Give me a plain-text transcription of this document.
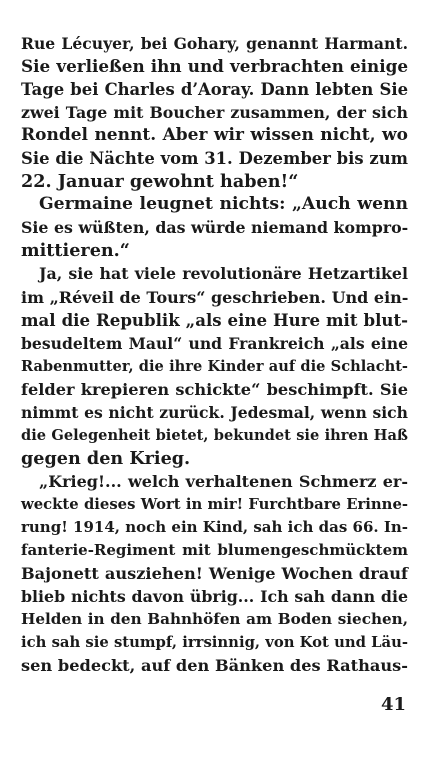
Rue Lécuyer, bei Gohary, genannt Harmant.
Sie verließen ihn und verbrachten einige
Tage bei Charles d’Aoray. Dann lebten Sie
zwei Tage mit Boucher zusammen, der sich
Rondel nennt. Aber wir wissen nicht, wo
Sie die Nächte vom 31. Dezember bis zum
22. Januar gewohnt haben!“
Germaine leugnet nichts: „Auch wenn
Sie es wüßten, das würde niemand kompro-
mittieren.“
Ja, sie hat viele revolutionäre Hetzartikel
im „Réveil de Tours“ geschrieben. Und ein-
mal die Republik „als eine Hure mit blut-
besudeltem Maul“ und Frankreich „als eine
Rabenmutter, die ihre Kinder auf die Schlacht-
felder krepieren schickte“ beschimpft. Sie
nimmt es nicht zurück. Jedesmal, wenn sich
die Gelegenheit bietet, bekundet sie ihren Haß
gegen den Krieg.
„Krieg!... welch verhaltenen Schmerz er-
weckte dieses Wort in mir! Furchtbare Erinne-
rung! 1914, noch ein Kind, sah ich das 66. In-
fanterie-Regiment mit blumengeschmücktem
Bajonett ausziehen! Wenige Wochen drauf
blieb nichts davon übrig... Ich sah dann die
Helden in den Bahnhöfen am Boden siechen,
ich sah sie stumpf, irrsinnig, von Kot und Läu-
sen bedeckt, auf den Bänken des Rathaus-
41
